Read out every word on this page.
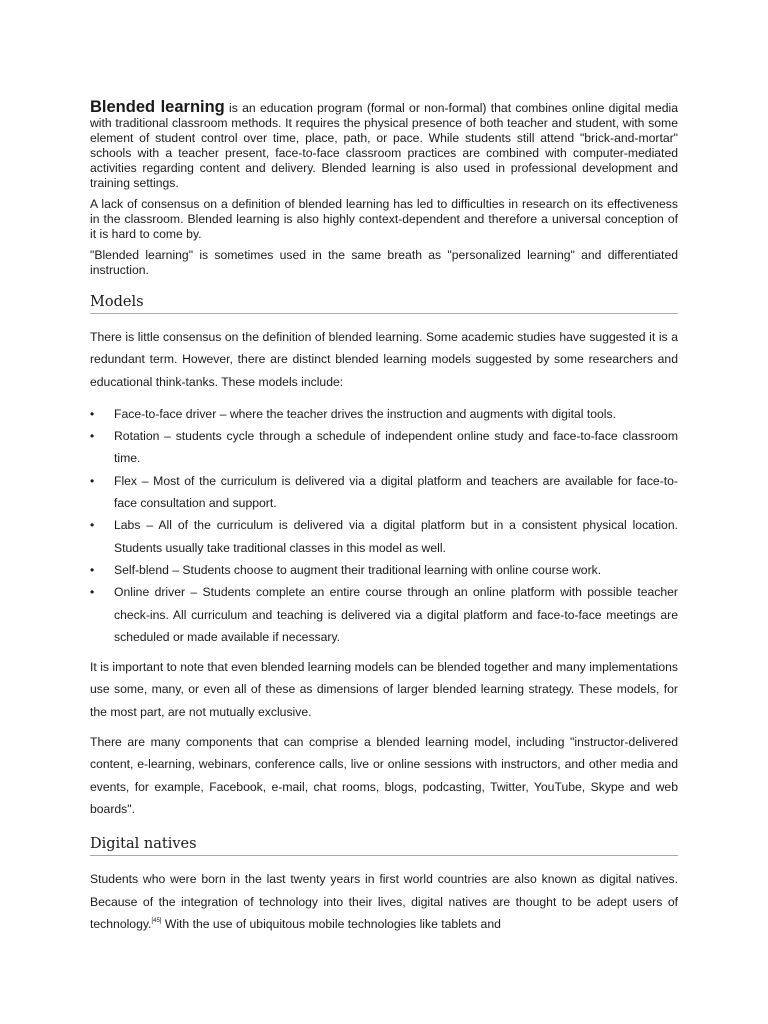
Blended learning is an education program (formal or non-formal) that combines online digital media with traditional classroom methods. It requires the physical presence of both teacher and student, with some element of student control over time, place, path, or pace. While students still attend "brick-and-mortar" schools with a teacher present, face-to-face classroom practices are combined with computer-mediated activities regarding content and delivery. Blended learning is also used in professional development and training settings.

A lack of consensus on a definition of blended learning has led to difficulties in research on its effectiveness in the classroom. Blended learning is also highly context-dependent and therefore a universal conception of it is hard to come by.

"Blended learning" is sometimes used in the same breath as "personalized learning" and differentiated instruction.

Models

There is little consensus on the definition of blended learning. Some academic studies have suggested it is a redundant term. However, there are distinct blended learning models suggested by some researchers and educational think-tanks. These models include:

• Face-to-face driver – where the teacher drives the instruction and augments with digital tools.
• Rotation – students cycle through a schedule of independent online study and face-to-face classroom time.
• Flex – Most of the curriculum is delivered via a digital platform and teachers are available for face-to-face consultation and support.
• Labs – All of the curriculum is delivered via a digital platform but in a consistent physical location. Students usually take traditional classes in this model as well.
• Self-blend – Students choose to augment their traditional learning with online course work.
• Online driver – Students complete an entire course through an online platform with possible teacher check-ins. All curriculum and teaching is delivered via a digital platform and face-to-face meetings are scheduled or made available if necessary.

It is important to note that even blended learning models can be blended together and many implementations use some, many, or even all of these as dimensions of larger blended learning strategy. These models, for the most part, are not mutually exclusive.

There are many components that can comprise a blended learning model, including "instructor-delivered content, e-learning, webinars, conference calls, live or online sessions with instructors, and other media and events, for example, Facebook, e-mail, chat rooms, blogs, podcasting, Twitter, YouTube, Skype and web boards".

Digital natives

Students who were born in the last twenty years in first world countries are also known as digital natives. Because of the integration of technology into their lives, digital natives are thought to be adept users of technology.[45] With the use of ubiquitous mobile technologies like tablets and
